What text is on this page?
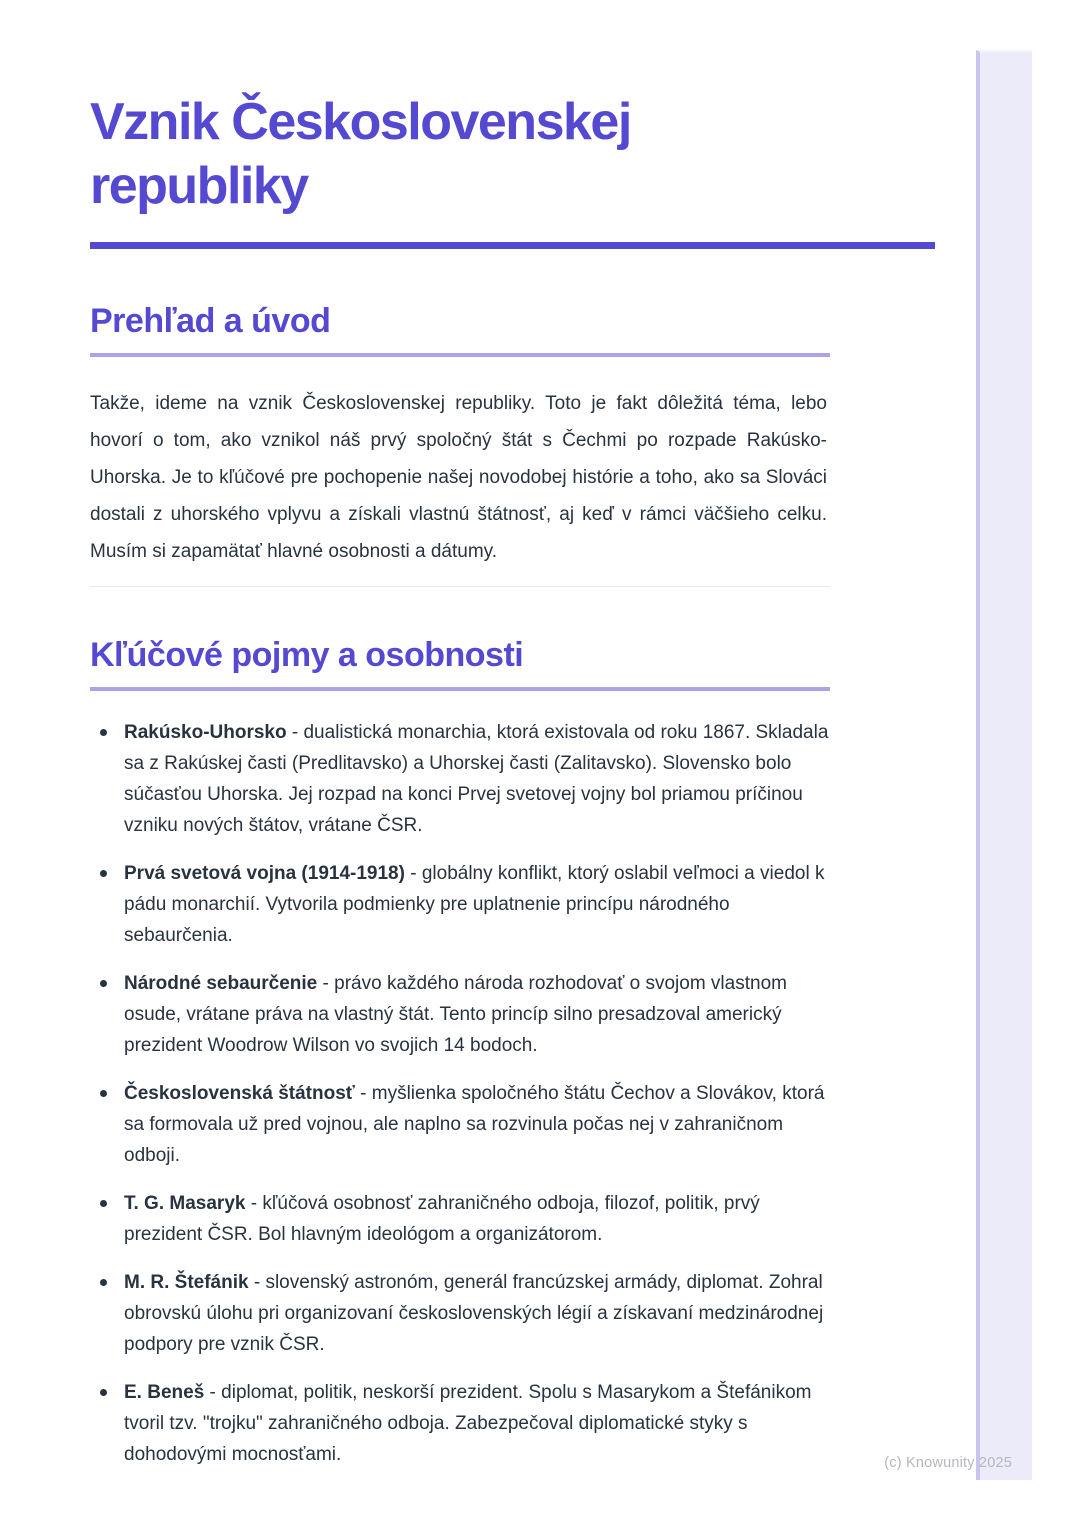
Vznik Československej republiky
Prehľad a úvod

Takže, ideme na vznik Československej republiky. Toto je fakt dôležitá téma, lebo hovorí o tom, ako vznikol náš prvý spoločný štát s Čechmi po rozpade Rakúsko-Uhorska. Je to kľúčové pre pochopenie našej novodobej histórie a toho, ako sa Slováci dostali z uhorského vplyvu a získali vlastnú štátnosť, aj keď v rámci väčšieho celku. Musím si zapamätať hlavné osobnosti a dátumy.

Kľúčové pojmy a osobnosti
Rakúsko-Uhorsko - dualistická monarchia, ktorá existovala od roku 1867. Skladala sa z Rakúskej časti (Predlitavsko) a Uhorskej časti (Zalitavsko). Slovensko bolo súčasťou Uhorska. Jej rozpad na konci Prvej svetovej vojny bol priamou príčinou vzniku nových štátov, vrátane ČSR.
Prvá svetová vojna (1914-1918) - globálny konflikt, ktorý oslabil veľmoci a viedol k pádu monarchií. Vytvorila podmienky pre uplatnenie princípu národného sebaurčenia.
Národné sebaurčenie - právo každého národa rozhodovať o svojom vlastnom osude, vrátane práva na vlastný štát. Tento princíp silno presadzoval americký prezident Woodrow Wilson vo svojich 14 bodoch.
Československá štátnosť - myšlienka spoločného štátu Čechov a Slovákov, ktorá sa formovala už pred vojnou, ale naplno sa rozvinula počas nej v zahraničnom odboji.
T. G. Masaryk - kľúčová osobnosť zahraničného odboja, filozof, politik, prvý prezident ČSR. Bol hlavným ideológom a organizátorom.
M. R. Štefánik - slovenský astronóm, generál francúzskej armády, diplomat. Zohral obrovskú úlohu pri organizovaní československých légií a získavaní medzinárodnej podpory pre vznik ČSR.
E. Beneš - diplomat, politik, neskorší prezident. Spolu s Masarykom a Štefánikom tvoril tzv. "trojku" zahraničného odboja. Zabezpečoval diplomatické styky s dohodovými mocnosťami.	(c) Knowunity 2025
